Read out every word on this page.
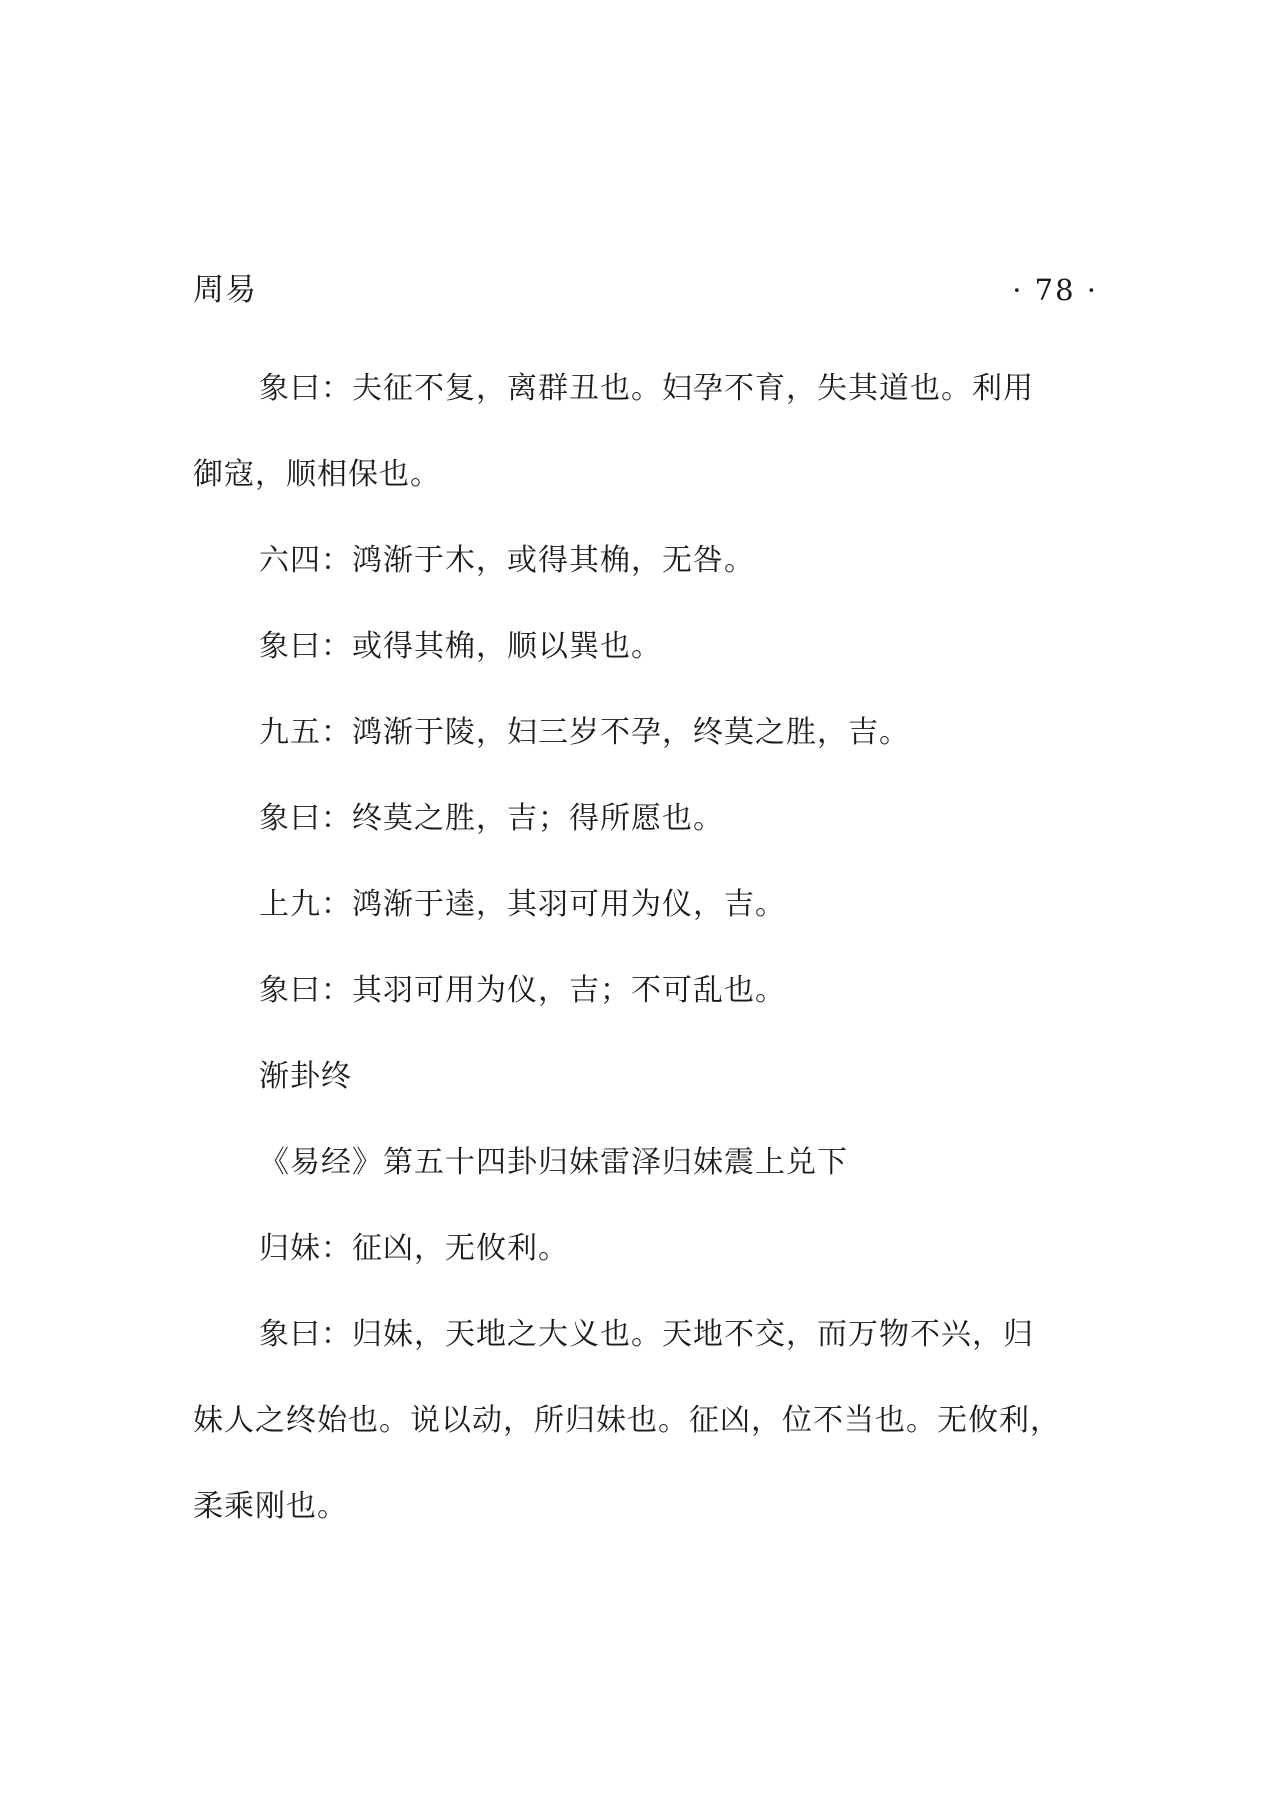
周易	· 78 ·
象曰：夫征不复，离群丑也。妇孕不育，失其道也。利用
御寇，顺相保也。
六四：鸿渐于木，或得其桷，无咎。
象曰：或得其桷，顺以巽也。
九五：鸿渐于陵，妇三岁不孕，终莫之胜，吉。
象曰：终莫之胜，吉；得所愿也。
上九：鸿渐于逵，其羽可用为仪，吉。
象曰：其羽可用为仪，吉；不可乱也。
渐卦终
《易经》第五十四卦归妹雷泽归妹震上兑下
归妹：征凶，无攸利。
象曰：归妹，天地之大义也。天地不交，而万物不兴，归
妹人之终始也。说以动，所归妹也。征凶，位不当也。无攸利，
柔乘刚也。
